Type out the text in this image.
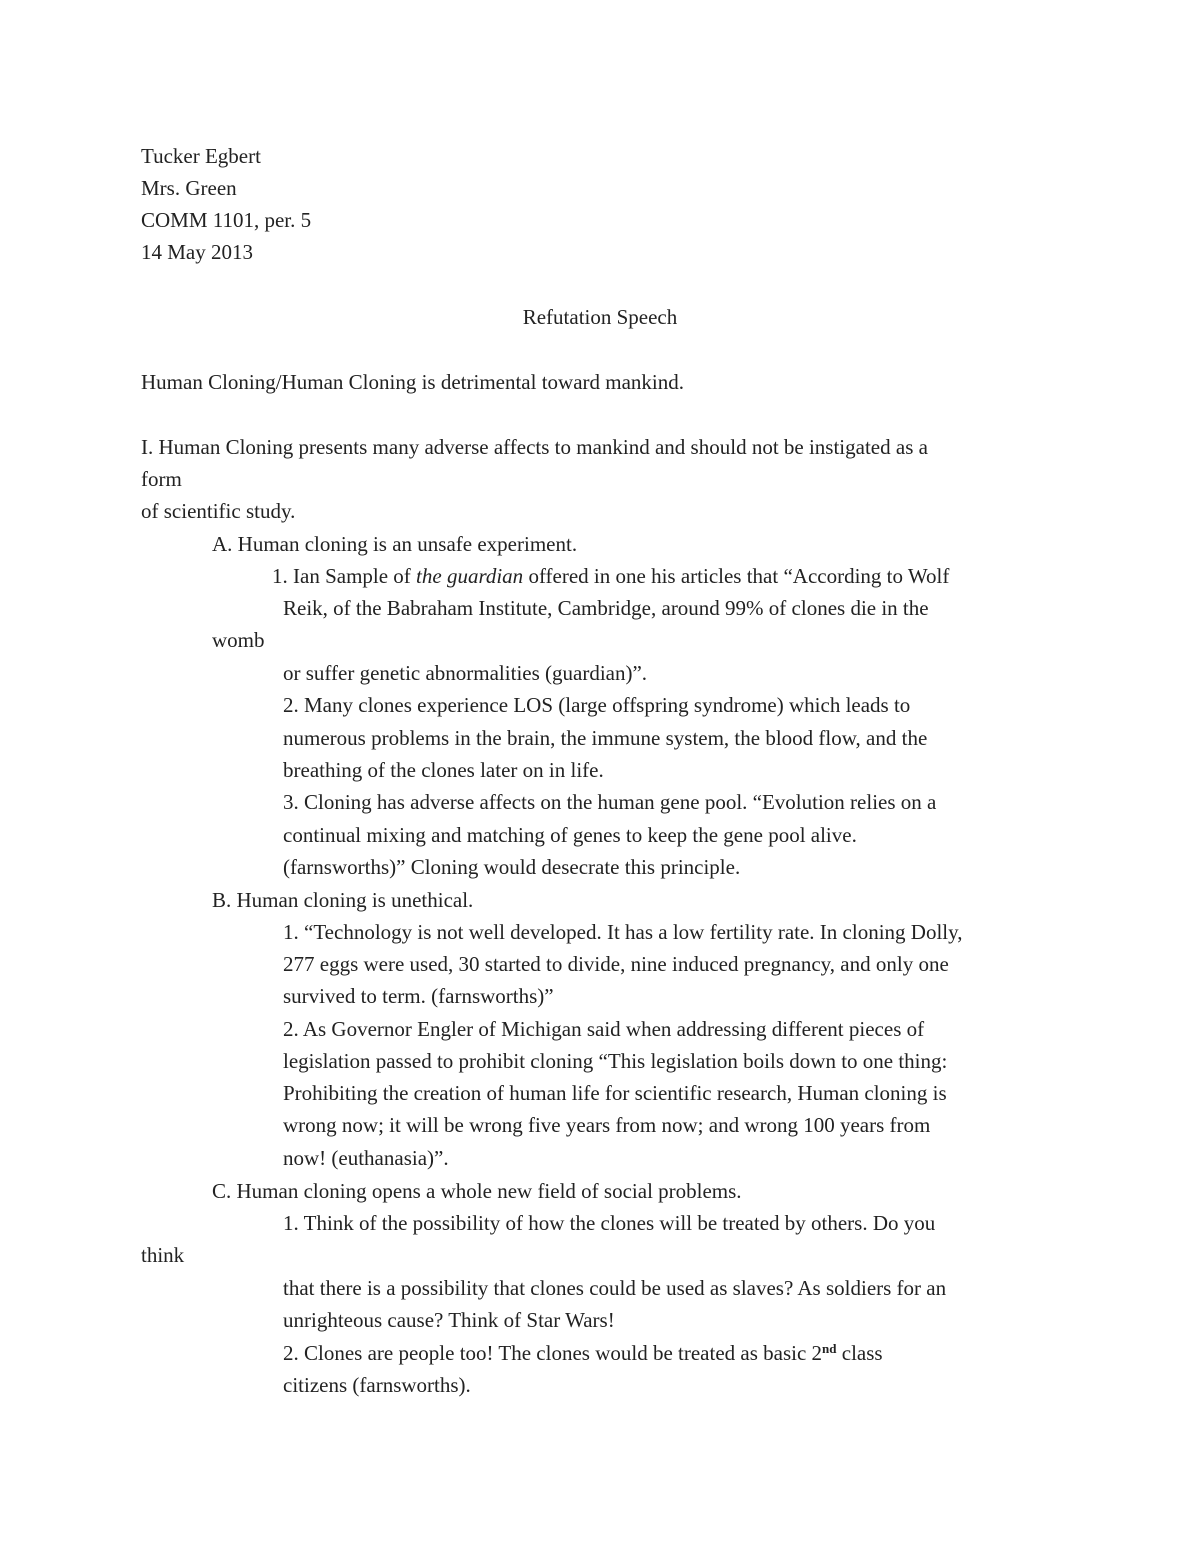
Tucker Egbert
Mrs. Green
COMM 1101, per. 5
14 May 2013
Refutation Speech
Human Cloning/Human Cloning is detrimental toward mankind.
I. Human Cloning presents many adverse affects to mankind and should not be instigated as a
form
of scientific study.
A. Human cloning is an unsafe experiment.
1. Ian Sample of the guardian offered in one his articles that “According to Wolf
Reik, of the Babraham Institute, Cambridge, around 99% of clones die in the
womb
or suffer genetic abnormalities (guardian)”.
2. Many clones experience LOS (large offspring syndrome) which leads to
numerous problems in the brain, the immune system, the blood flow, and the
breathing of the clones later on in life.
3. Cloning has adverse affects on the human gene pool. “Evolution relies on a
continual mixing and matching of genes to keep the gene pool alive.
(farnsworths)” Cloning would desecrate this principle.
B. Human cloning is unethical.
1. “Technology is not well developed. It has a low fertility rate. In cloning Dolly,
277 eggs were used, 30 started to divide, nine induced pregnancy, and only one
survived to term. (farnsworths)”
2. As Governor Engler of Michigan said when addressing different pieces of
legislation passed to prohibit cloning “This legislation boils down to one thing:
Prohibiting the creation of human life for scientific research, Human cloning is
wrong now; it will be wrong five years from now; and wrong 100 years from
now! (euthanasia)”.
C. Human cloning opens a whole new field of social problems.
1. Think of the possibility of how the clones will be treated by others. Do you
think
that there is a possibility that clones could be used as slaves? As soldiers for an
unrighteous cause? Think of Star Wars!
2. Clones are people too! The clones would be treated as basic 2nd class
citizens (farnsworths).
